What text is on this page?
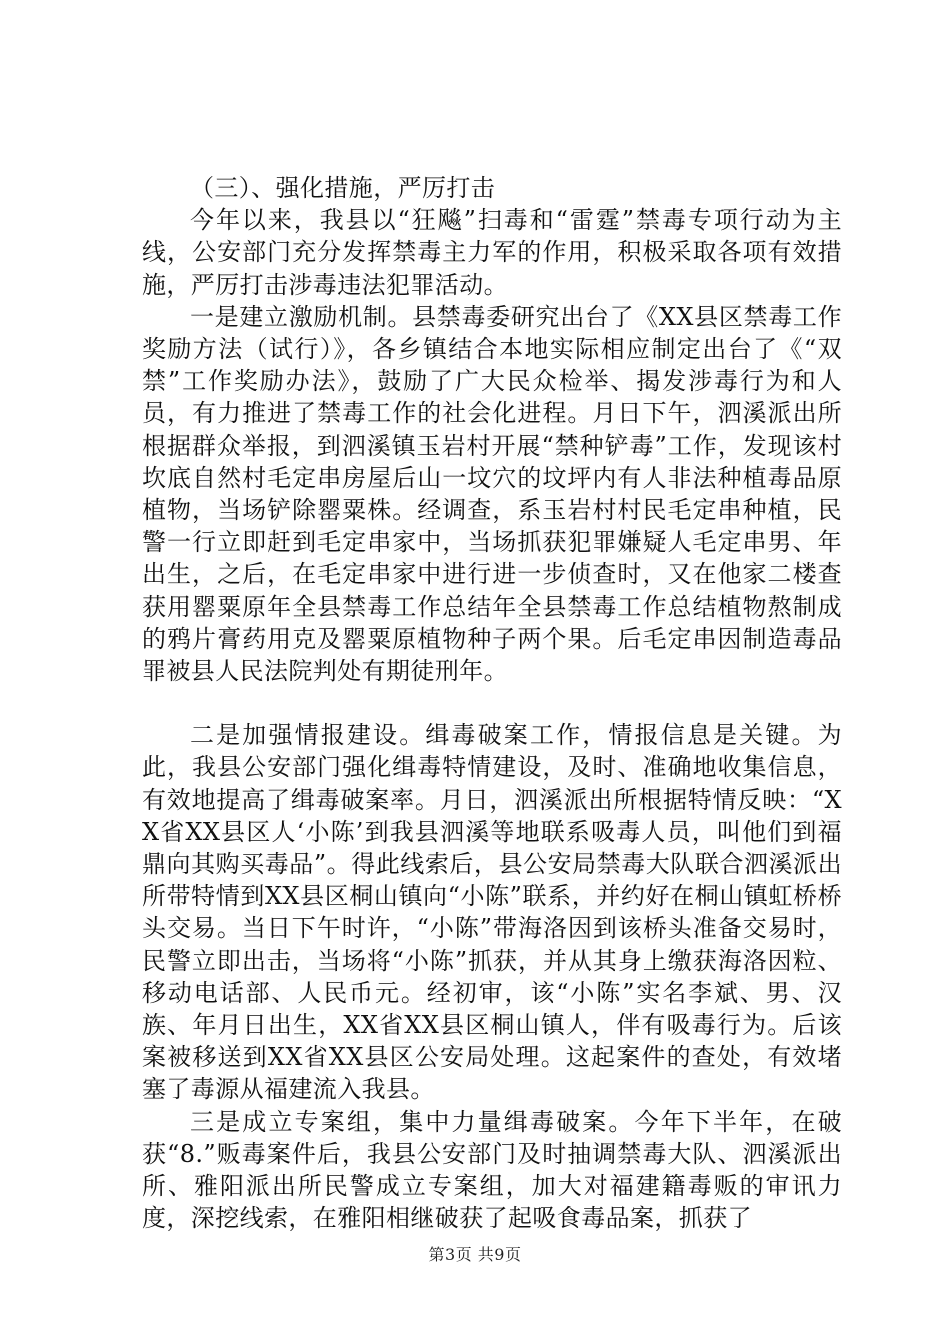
（三）、强化措施，严厉打击

今年以来，我县以“狂飚”扫毒和“雷霆”禁毒专项行动为主线，公安部门充分发挥禁毒主力军的作用，积极采取各项有效措施，严厉打击涉毒违法犯罪活动。

一是建立激励机制。县禁毒委研究出台了《XX县区禁毒工作奖励方法（试行）》，各乡镇结合本地实际相应制定出台了《“双禁”工作奖励办法》，鼓励了广大民众检举、揭发涉毒行为和人员，有力推进了禁毒工作的社会化进程。月日下午，泗溪派出所根据群众举报，到泗溪镇玉岩村开展“禁种铲毒”工作，发现该村坎底自然村毛定串房屋后山一坟穴的坟坪内有人非法种植毒品原植物，当场铲除罂粟株。经调查，系玉岩村村民毛定串种植，民警一行立即赶到毛定串家中，当场抓获犯罪嫌疑人毛定串男、年出生，之后，在毛定串家中进行进一步侦查时，又在他家二楼查获用罂粟原年全县禁毒工作总结年全县禁毒工作总结植物熬制成的鸦片膏药用克及罂粟原植物种子两个果。后毛定串因制造毒品罪被县人民法院判处有期徒刑年。

二是加强情报建设。缉毒破案工作，情报信息是关键。为此，我县公安部门强化缉毒特情建设，及时、准确地收集信息，有效地提高了缉毒破案率。月日，泗溪派出所根据特情反映：“XX省XX县区人‘小陈’到我县泗溪等地联系吸毒人员，叫他们到福鼎向其购买毒品”。得此线索后，县公安局禁毒大队联合泗溪派出所带特情到XX县区桐山镇向“小陈”联系，并约好在桐山镇虹桥桥头交易。当日下午时许，“小陈”带海洛因到该桥头准备交易时，民警立即出击，当场将“小陈”抓获，并从其身上缴获海洛因粒、移动电话部、人民币元。经初审，该“小陈”实名李斌、男、汉族、年月日出生，XX省XX县区桐山镇人，伴有吸毒行为。后该案被移送到XX省XX县区公安局处理。这起案件的查处，有效堵塞了毒源从福建流入我县。

三是成立专案组，集中力量缉毒破案。今年下半年，在破获“8.”贩毒案件后，我县公安部门及时抽调禁毒大队、泗溪派出所、雅阳派出所民警成立专案组，加大对福建籍毒贩的审讯力度，深挖线索，在雅阳相继破获了起吸食毒品案，抓获了

第3页 共9页
